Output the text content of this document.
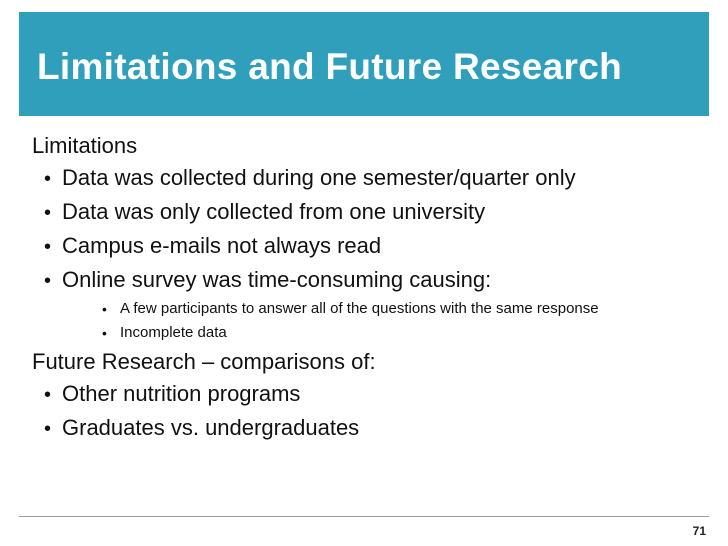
Limitations and Future Research
Limitations
• Data was collected during one semester/quarter only
• Data was only collected from one university
• Campus e-mails not always read
• Online survey was time-consuming causing:
• A few participants to answer all of the questions with the same response
• Incomplete data
Future Research – comparisons of:
• Other nutrition programs
• Graduates vs. undergraduates
71
